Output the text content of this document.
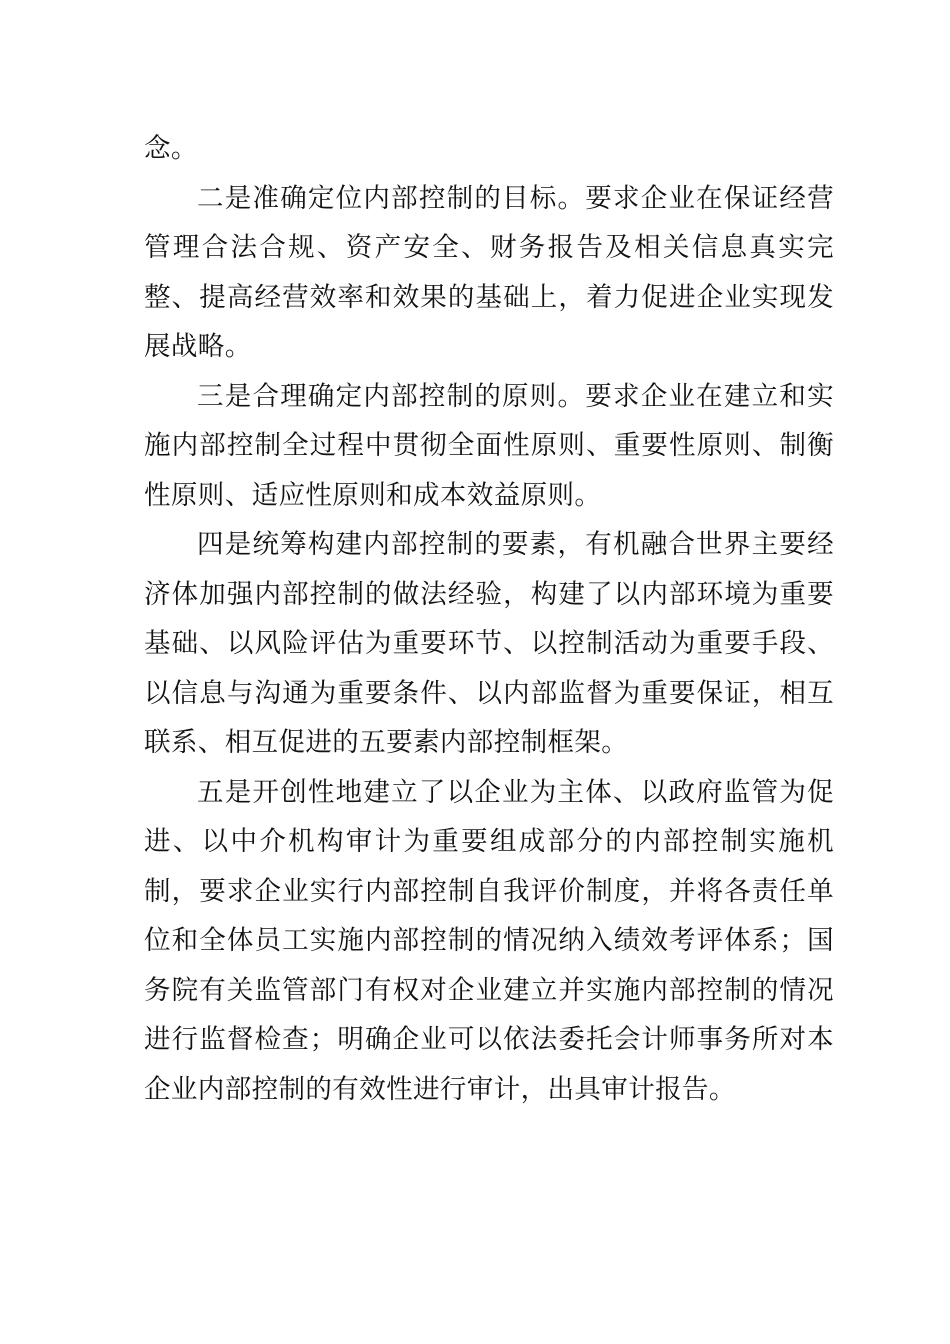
念。

二是准确定位内部控制的目标。要求企业在保证经营管理合法合规、资产安全、财务报告及相关信息真实完整、提高经营效率和效果的基础上，着力促进企业实现发展战略。

三是合理确定内部控制的原则。要求企业在建立和实施内部控制全过程中贯彻全面性原则、重要性原则、制衡性原则、适应性原则和成本效益原则。

四是统筹构建内部控制的要素，有机融合世界主要经济体加强内部控制的做法经验，构建了以内部环境为重要基础、以风险评估为重要环节、以控制活动为重要手段、以信息与沟通为重要条件、以内部监督为重要保证，相互联系、相互促进的五要素内部控制框架。

五是开创性地建立了以企业为主体、以政府监管为促进、以中介机构审计为重要组成部分的内部控制实施机制，要求企业实行内部控制自我评价制度，并将各责任单位和全体员工实施内部控制的情况纳入绩效考评体系；国务院有关监管部门有权对企业建立并实施内部控制的情况进行监督检查；明确企业可以依法委托会计师事务所对本企业内部控制的有效性进行审计，出具审计报告。
